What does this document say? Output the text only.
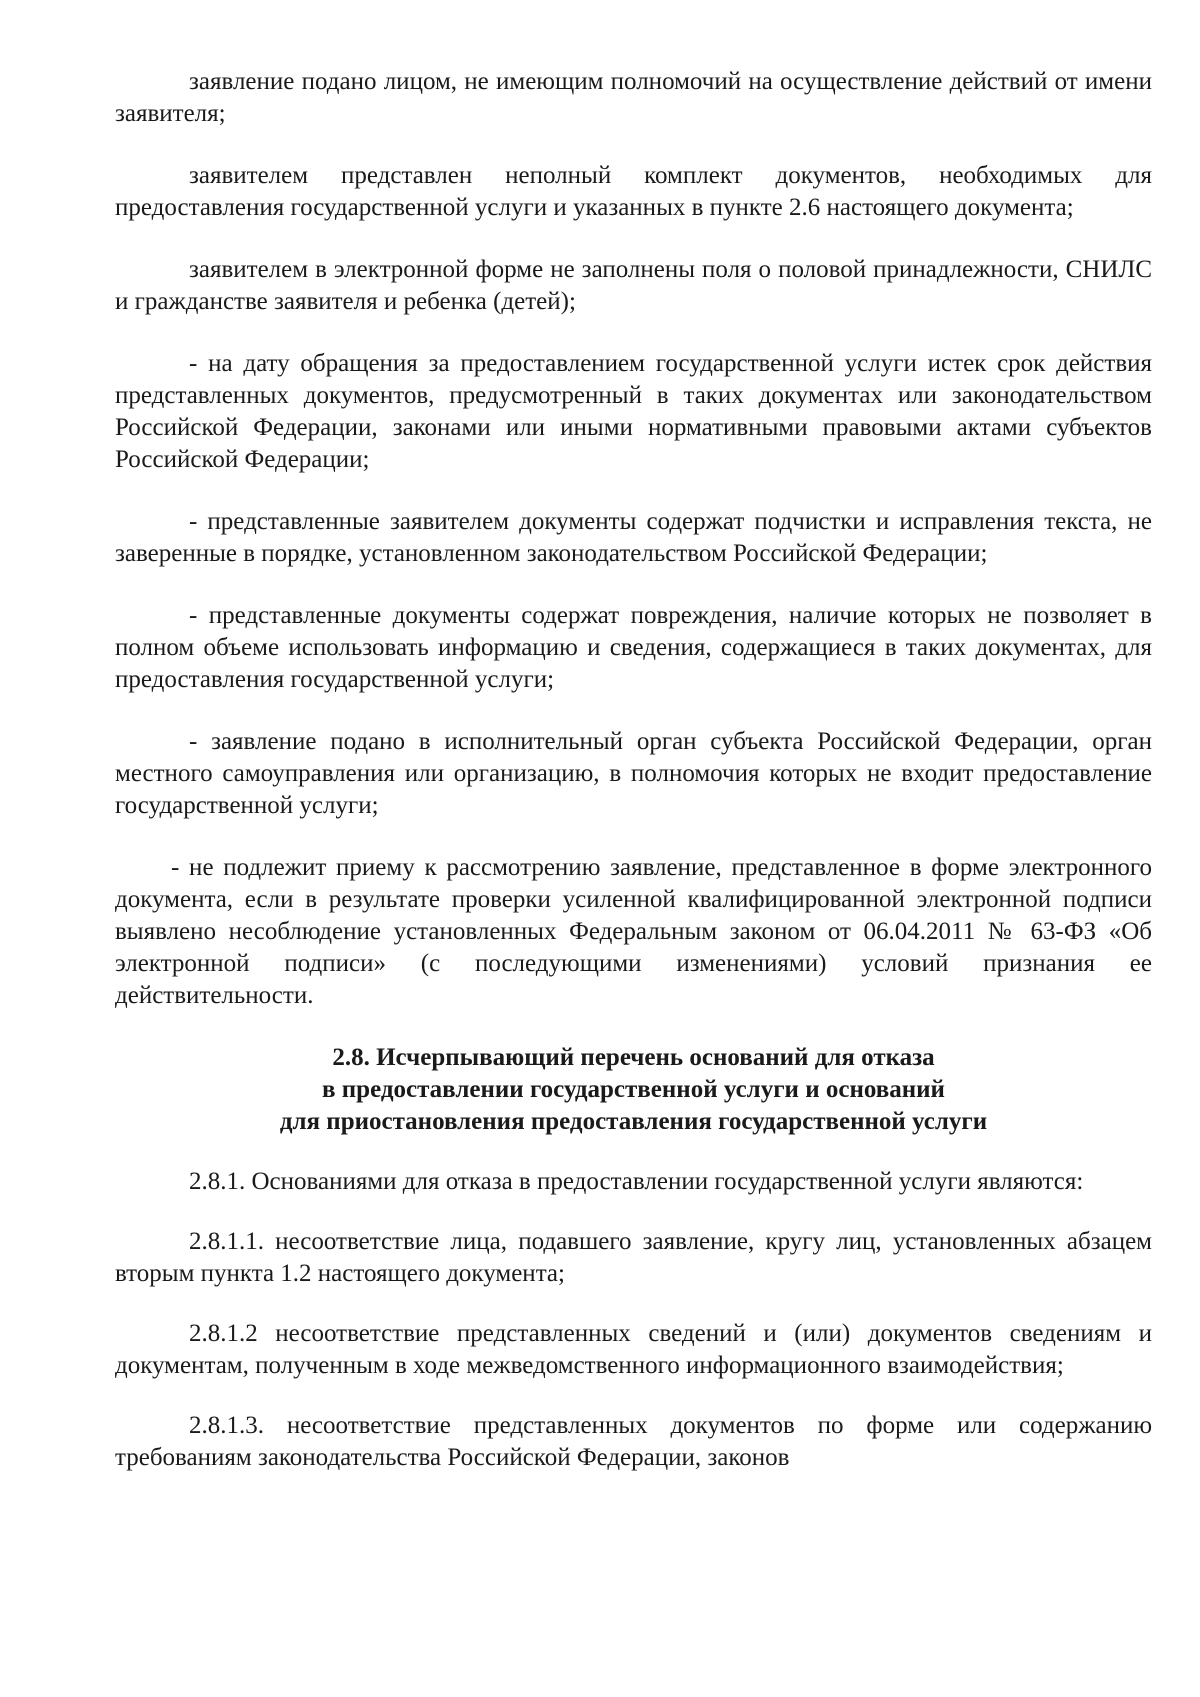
заявление подано лицом, не имеющим полномочий на осуществление действий от имени заявителя;

заявителем представлен неполный комплект документов, необходимых для предоставления государственной услуги и указанных в пункте 2.6 настоящего документа;

заявителем в электронной форме не заполнены поля о половой принадлежности, СНИЛС и гражданстве заявителя и ребенка (детей);

- на дату обращения за предоставлением государственной услуги истек срок действия представленных документов, предусмотренный в таких документах или законодательством Российской Федерации, законами или иными нормативными правовыми актами субъектов Российской Федерации;

- представленные заявителем документы содержат подчистки и исправления текста, не заверенные в порядке, установленном законодательством Российской Федерации;

- представленные документы содержат повреждения, наличие которых не позволяет в полном объеме использовать информацию и сведения, содержащиеся в таких документах, для предоставления государственной услуги;

- заявление подано в исполнительный орган субъекта Российской Федерации, орган местного самоуправления или организацию, в полномочия которых не входит предоставление государственной услуги;

- не подлежит приему к рассмотрению заявление, представленное в форме электронного документа, если в результате проверки усиленной квалифицированной электронной подписи выявлено несоблюдение установленных Федеральным законом от 06.04.2011 № 63-ФЗ «Об электронной подписи» (с последующими изменениями) условий признания ее действительности.

2.8. Исчерпывающий перечень оснований для отказа
в предоставлении государственной услуги и оснований
для приостановления предоставления государственной услуги

2.8.1. Основаниями для отказа в предоставлении государственной услуги являются:

2.8.1.1. несоответствие лица, подавшего заявление, кругу лиц, установленных абзацем вторым пункта 1.2 настоящего документа;

2.8.1.2 несоответствие представленных сведений и (или) документов сведениям и документам, полученным в ходе межведомственного информационного взаимодействия;

2.8.1.3. несоответствие представленных документов по форме или содержанию требованиям законодательства Российской Федерации, законов
